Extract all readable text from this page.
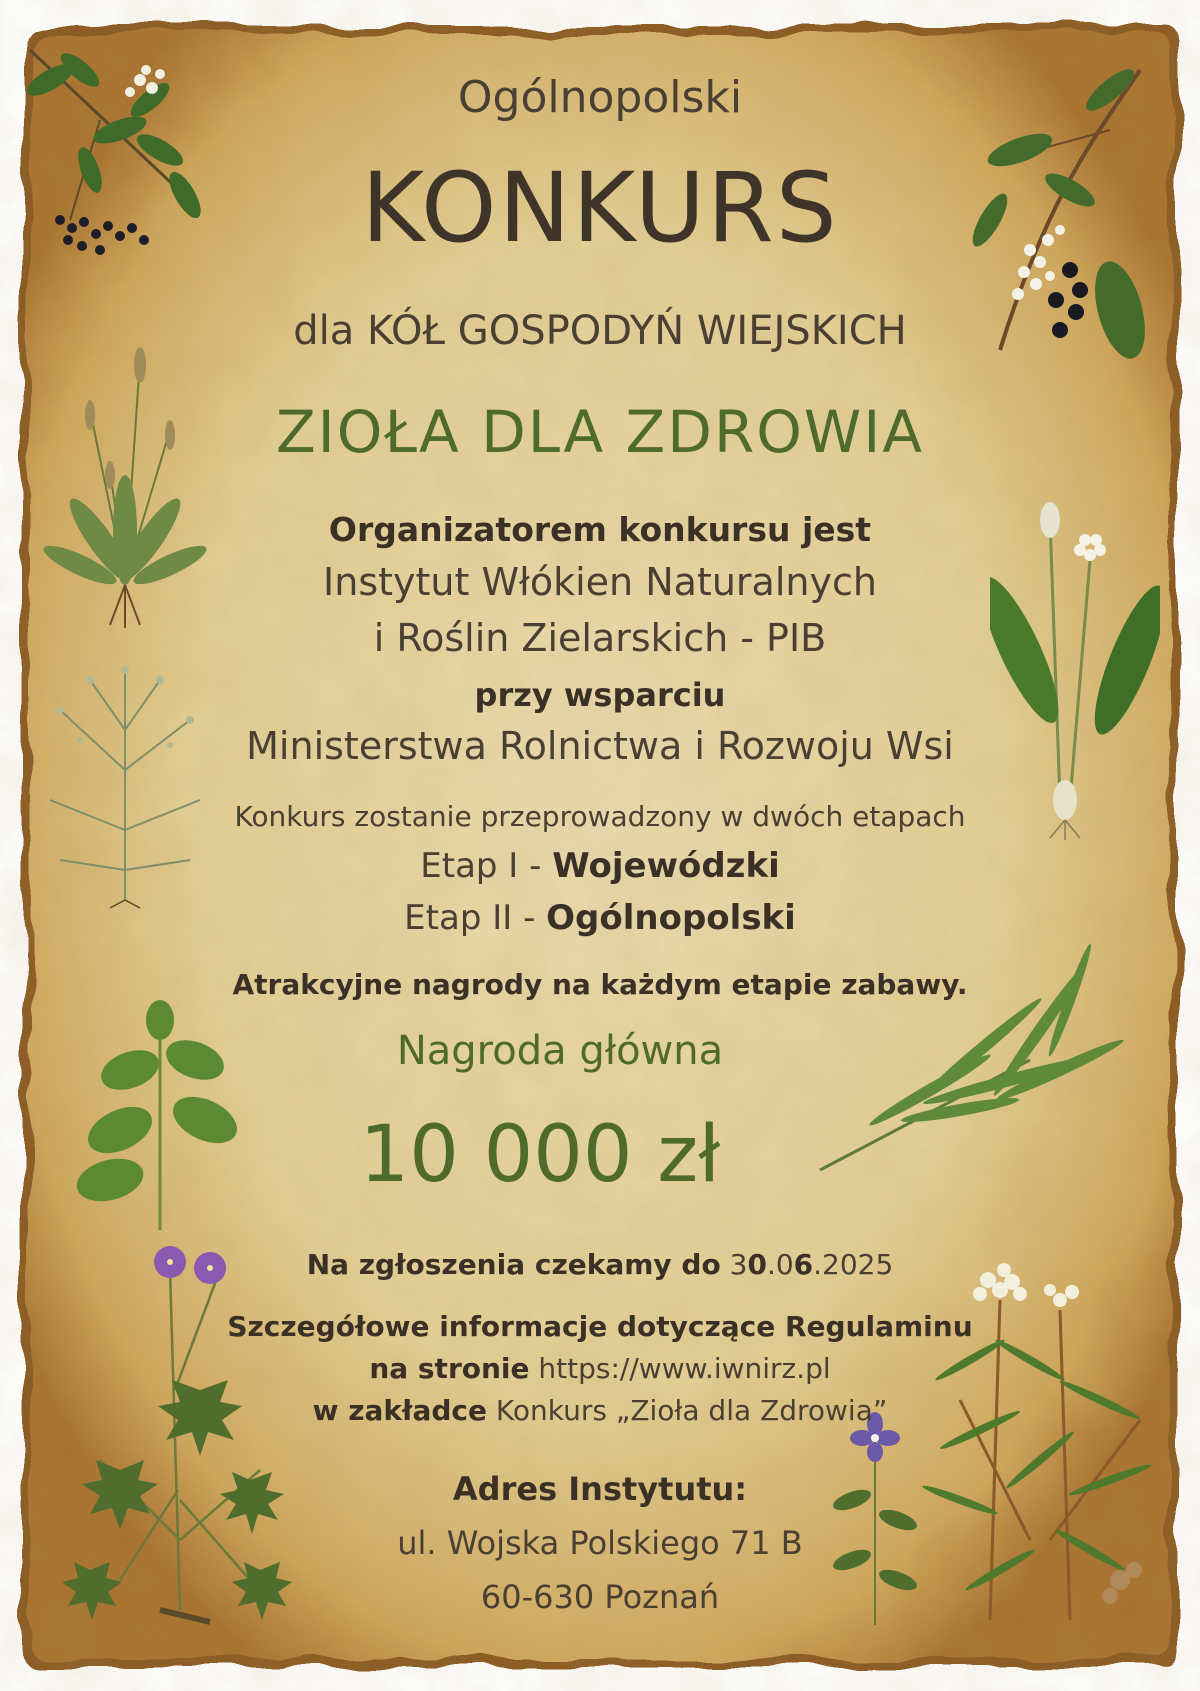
Ogólnopolski
KONKURS
dla KÓŁ GOSPODYŃ WIEJSKICH
ZIOŁA DLA ZDROWIA
Organizatorem konkursu jest
Instytut Włókien Naturalnych
i Roślin Zielarskich - PIB
przy wsparciu
Ministerstwa Rolnictwa i Rozwoju Wsi
Konkurs zostanie przeprowadzony w dwóch etapach
Etap I - Wojewódzki
Etap II - Ogólnopolski
Atrakcyjne nagrody na każdym etapie zabawy.
Nagroda główna
10 000 zł
Na zgłoszenia czekamy do 30.06.2025
Szczegółowe informacje dotyczące Regulaminu
na stronie https://www.iwnirz.pl
w zakładce Konkurs „Zioła dla Zdrowia”
Adres Instytutu:
ul. Wojska Polskiego 71 B
60-630 Poznań
